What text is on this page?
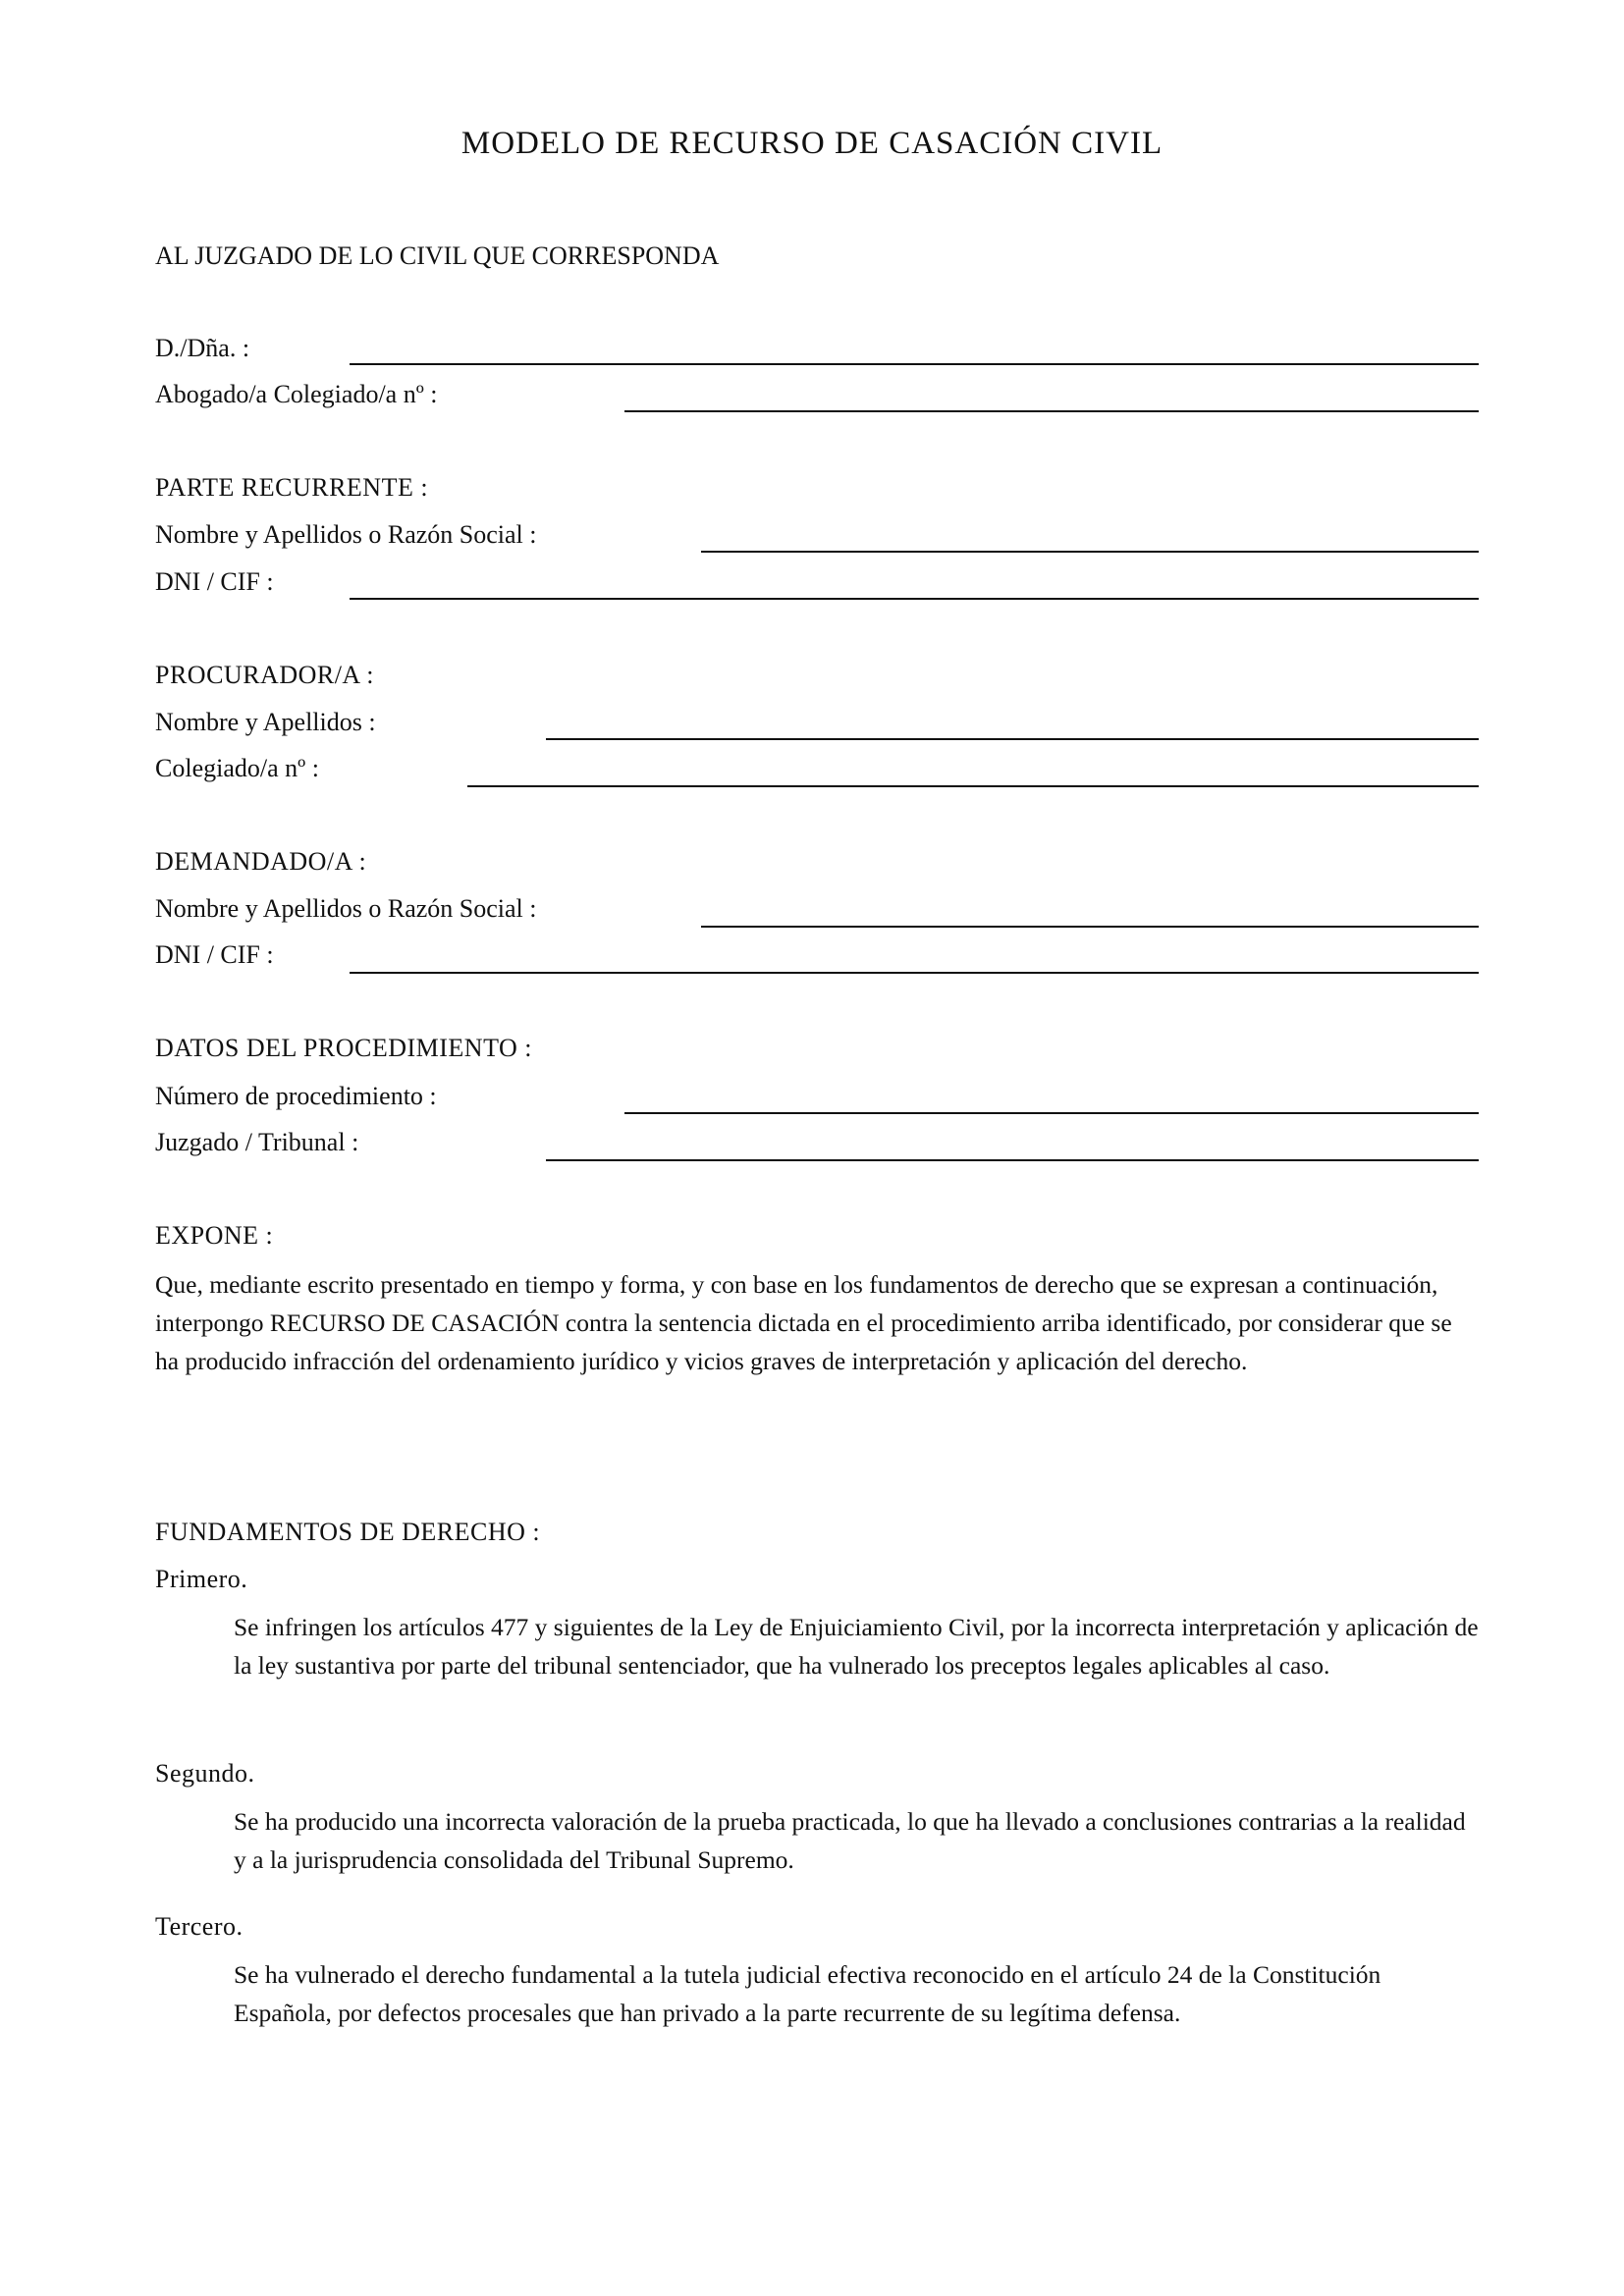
MODELO DE RECURSO DE CASACIÓN CIVIL
AL JUZGADO DE LO CIVIL QUE CORRESPONDA
D./Dña. :
Abogado/a Colegiado/a nº :
PARTE RECURRENTE :
Nombre y Apellidos o Razón Social :
DNI / CIF :
PROCURADOR/A :
Nombre y Apellidos :
Colegiado/a nº :
DEMANDADO/A :
Nombre y Apellidos o Razón Social :
DNI / CIF :
DATOS DEL PROCEDIMIENTO :
Número de procedimiento :
Juzgado / Tribunal :
EXPONE :
Que, mediante escrito presentado en tiempo y forma, y con base en los fundamentos de derecho que se expresan a continuación, interpongo RECURSO DE CASACIÓN contra la sentencia dictada en el procedimiento arriba identificado, por considerar que se ha producido infracción del ordenamiento jurídico y vicios graves de interpretación y aplicación del derecho.
FUNDAMENTOS DE DERECHO :
Primero.
Se infringen los artículos 477 y siguientes de la Ley de Enjuiciamiento Civil, por la incorrecta interpretación y aplicación de la ley sustantiva por parte del tribunal sentenciador, que ha vulnerado los preceptos legales aplicables al caso.
Segundo.
Se ha producido una incorrecta valoración de la prueba practicada, lo que ha llevado a conclusiones contrarias a la realidad y a la jurisprudencia consolidada del Tribunal Supremo.
Tercero.
Se ha vulnerado el derecho fundamental a la tutela judicial efectiva reconocido en el artículo 24 de la Constitución Española, por defectos procesales que han privado a la parte recurrente de su legítima defensa.
